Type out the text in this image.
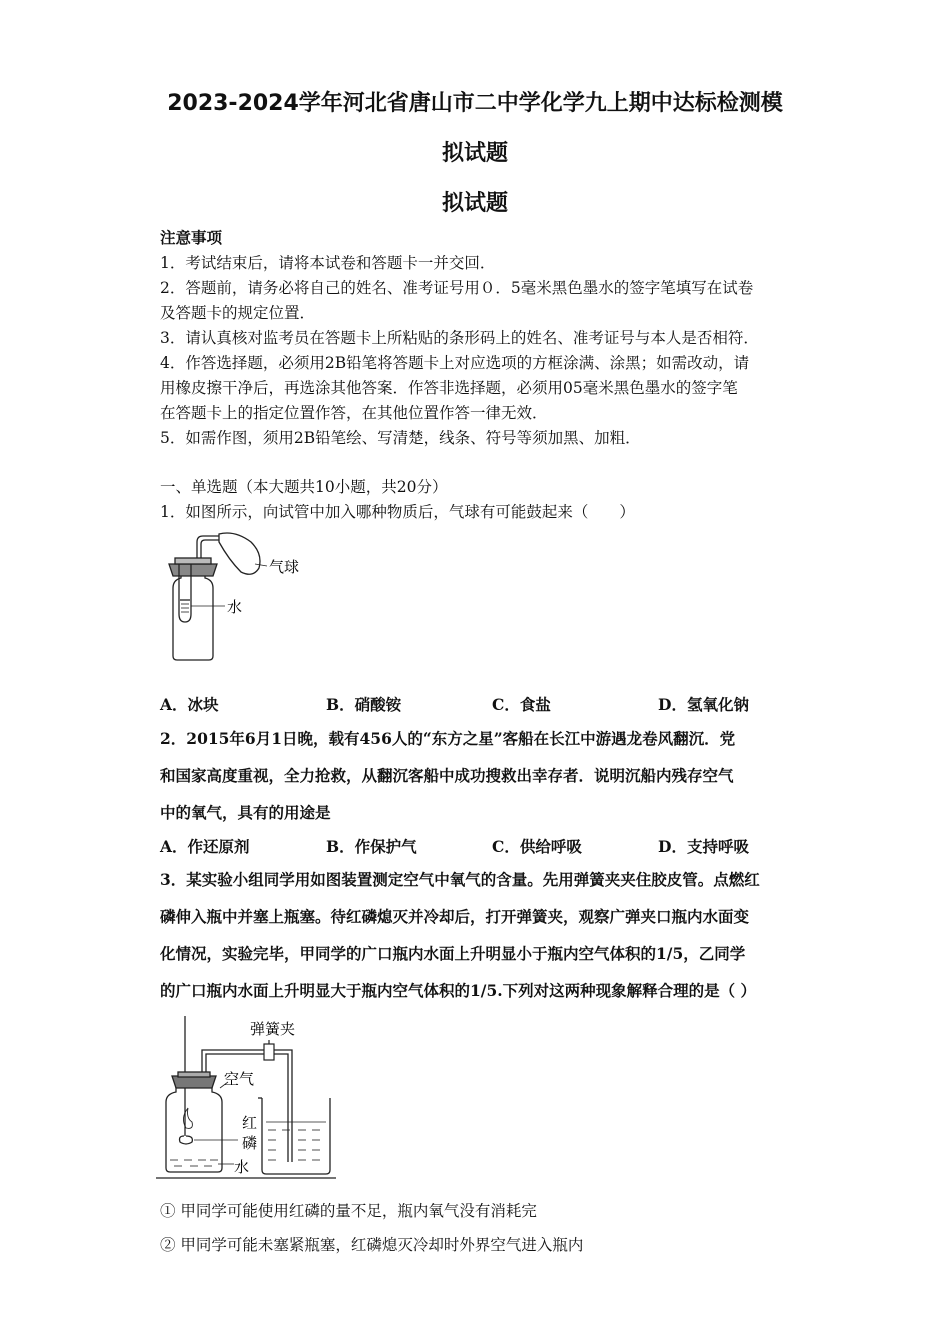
2023-2024学年河北省唐山市二中学化学九上期中达标检测模
拟试题
拟试题
注意事项
1．考试结束后，请将本试卷和答题卡一并交回．
2．答题前，请务必将自己的姓名、准考证号用０．5毫米黑色墨水的签字笔填写在试卷
及答题卡的规定位置．
3．请认真核对监考员在答题卡上所粘贴的条形码上的姓名、准考证号与本人是否相符．
4．作答选择题，必须用2B铅笔将答题卡上对应选项的方框涂满、涂黑；如需改动，请
用橡皮擦干净后，再选涂其他答案．作答非选择题，必须用05毫米黑色墨水的签字笔
在答题卡上的指定位置作答，在其他位置作答一律无效．
5．如需作图，须用2B铅笔绘、写清楚，线条、符号等须加黑、加粗．
一、单选题（本大题共10小题，共20分）
1．如图所示，向试管中加入哪种物质后，气球有可能鼓起来（　　）
气球
水
A．冰块	B．硝酸铵	C．食盐	D．氢氧化钠
2．2015年6月1日晚，载有456人的“东方之星”客船在长江中游遇龙卷风翻沉．党
和国家高度重视，全力抢救，从翻沉客船中成功搜救出幸存者．说明沉船内残存空气
中的氧气，具有的用途是
A．作还原剂	B．作保护气	C．供给呼吸	D．支持呼吸
3．某实验小组同学用如图装置测定空气中氧气的含量。先用弹簧夹夹住胶皮管。点燃红
磷伸入瓶中并塞上瓶塞。待红磷熄灭并冷却后，打开弹簧夹，观察广弹夹口瓶内水面变
化情况，实验完毕，甲同学的广口瓶内水面上升明显小于瓶内空气体积的1/5，乙同学
的广口瓶内水面上升明显大于瓶内空气体积的1/5.下列对这两种现象解释合理的是（ ）
弹簧夹
空气
红
磷
水
① 甲同学可能使用红磷的量不足，瓶内氧气没有消耗完
② 甲同学可能未塞紧瓶塞，红磷熄灭冷却时外界空气进入瓶内
